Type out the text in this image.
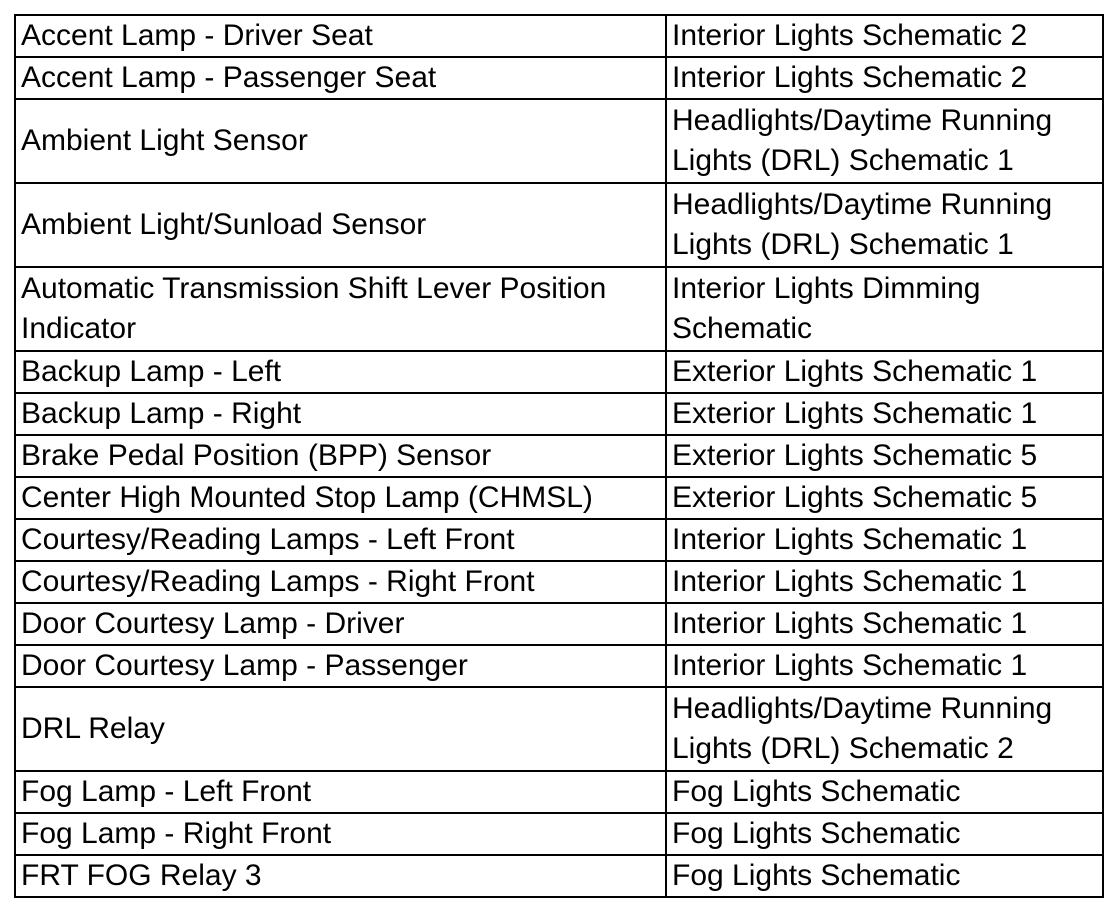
Accent Lamp - Driver Seat	Interior Lights Schematic 2

Accent Lamp - Passenger Seat	Interior Lights Schematic 2

Ambient Light Sensor	Headlights/Daytime Running
Lights (DRL) Schematic 1

Ambient Light/Sunload Sensor	Headlights/Daytime Running
Lights (DRL) Schematic 1

Automatic Transmission Shift Lever Position
Indicator	Interior Lights Dimming
Schematic

Backup Lamp - Left	Exterior Lights Schematic 1

Backup Lamp - Right	Exterior Lights Schematic 1

Brake Pedal Position (BPP) Sensor	Exterior Lights Schematic 5

Center High Mounted Stop Lamp (CHMSL)	Exterior Lights Schematic 5

Courtesy/Reading Lamps - Left Front	Interior Lights Schematic 1

Courtesy/Reading Lamps - Right Front	Interior Lights Schematic 1

Door Courtesy Lamp - Driver	Interior Lights Schematic 1

Door Courtesy Lamp - Passenger	Interior Lights Schematic 1

DRL Relay	Headlights/Daytime Running
Lights (DRL) Schematic 2

Fog Lamp - Left Front	Fog Lights Schematic

Fog Lamp - Right Front	Fog Lights Schematic

FRT FOG Relay 3	Fog Lights Schematic
